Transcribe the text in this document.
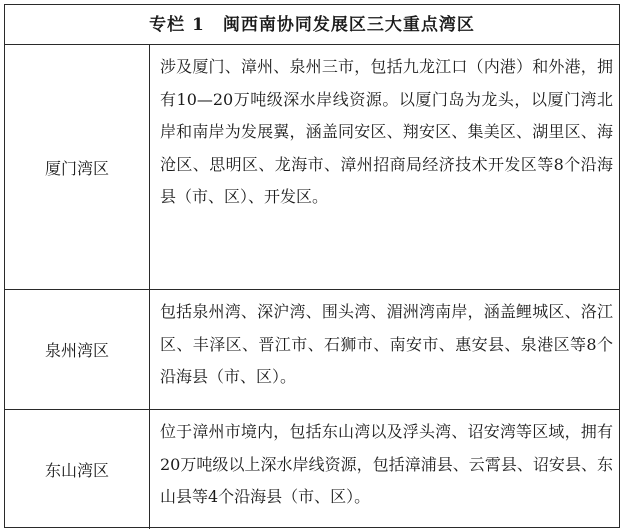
专栏 1　闽西南协同发展区三大重点湾区
厦门湾区
涉及厦门、漳州、泉州三市，包括九龙江口（内港）和外港，拥有10—20万吨级深水岸线资源。以厦门岛为龙头，以厦门湾北岸和南岸为发展翼，涵盖同安区、翔安区、集美区、湖里区、海沧区、思明区、龙海市、漳州招商局经济技术开发区等8个沿海县（市、区）、开发区。
泉州湾区
包括泉州湾、深沪湾、围头湾、湄洲湾南岸，涵盖鲤城区、洛江区、丰泽区、晋江市、石狮市、南安市、惠安县、泉港区等8个沿海县（市、区）。
东山湾区
位于漳州市境内，包括东山湾以及浮头湾、诏安湾等区域，拥有20万吨级以上深水岸线资源，包括漳浦县、云霄县、诏安县、东山县等4个沿海县（市、区）。
